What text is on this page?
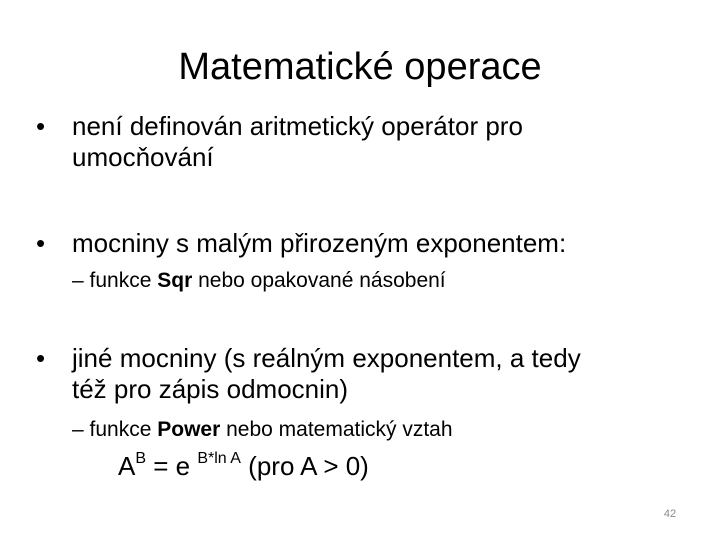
Matematické operace
•	není definován aritmetický operátor pro
umocňování
•	mocniny s malým přirozeným exponentem:
– funkce Sqr nebo opakované násobení
•	jiné mocniny (s reálným exponentem, a tedy
též pro zápis odmocnin)
– funkce Power nebo matematický vztah
$A^B = e$ $^{B*ln A}$ (pro A > 0)
42
